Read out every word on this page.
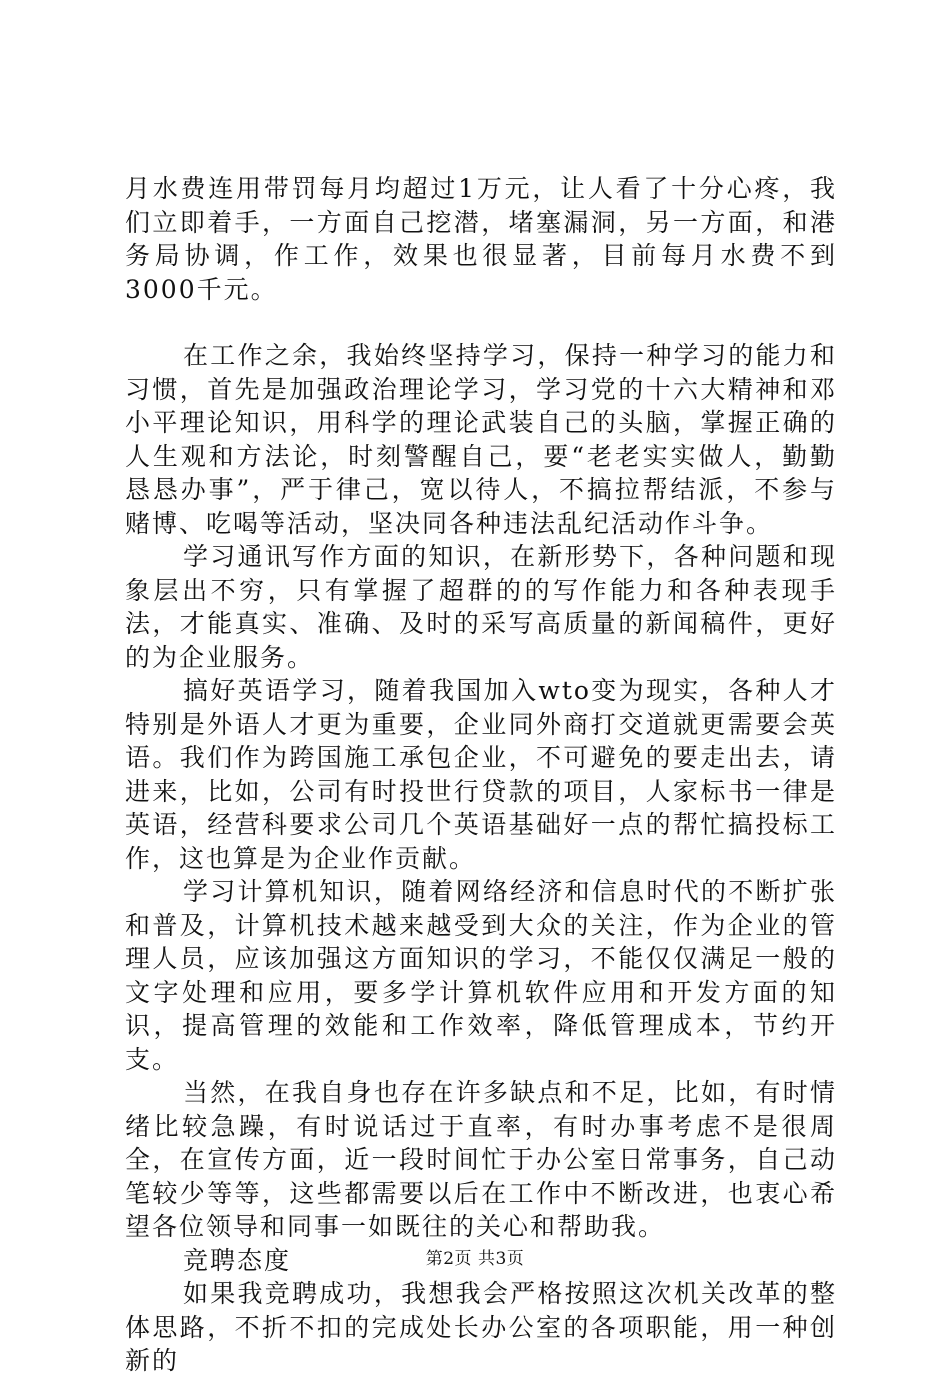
月水费连用带罚每月均超过1万元，让人看了十分心疼，我们立即着手，一方面自己挖潜，堵塞漏洞，另一方面，和港务局协调，作工作，效果也很显著，目前每月水费不到3000千元。

在工作之余，我始终坚持学习，保持一种学习的能力和习惯，首先是加强政治理论学习，学习党的十六大精神和邓小平理论知识，用科学的理论武装自己的头脑，掌握正确的人生观和方法论，时刻警醒自己，要“老老实实做人，勤勤恳恳办事”，严于律己，宽以待人，不搞拉帮结派，不参与赌博、吃喝等活动，坚决同各种违法乱纪活动作斗争。

学习通讯写作方面的知识，在新形势下，各种问题和现象层出不穷，只有掌握了超群的的写作能力和各种表现手法，才能真实、准确、及时的采写高质量的新闻稿件，更好的为企业服务。

搞好英语学习，随着我国加入wto变为现实，各种人才特别是外语人才更为重要，企业同外商打交道就更需要会英语。我们作为跨国施工承包企业，不可避免的要走出去，请进来，比如，公司有时投世行贷款的项目，人家标书一律是英语，经营科要求公司几个英语基础好一点的帮忙搞投标工作，这也算是为企业作贡献。

学习计算机知识，随着网络经济和信息时代的不断扩张和普及，计算机技术越来越受到大众的关注，作为企业的管理人员，应该加强这方面知识的学习，不能仅仅满足一般的文字处理和应用，要多学计算机软件应用和开发方面的知识，提高管理的效能和工作效率，降低管理成本，节约开支。

当然，在我自身也存在许多缺点和不足，比如，有时情绪比较急躁，有时说话过于直率，有时办事考虑不是很周全，在宣传方面，近一段时间忙于办公室日常事务，自己动笔较少等等，这些都需要以后在工作中不断改进，也衷心希望各位领导和同事一如既往的关心和帮助我。

竞聘态度

如果我竞聘成功，我想我会严格按照这次机关改革的整体思路，不折不扣的完成处长办公室的各项职能，用一种创新的

第2页 共3页
